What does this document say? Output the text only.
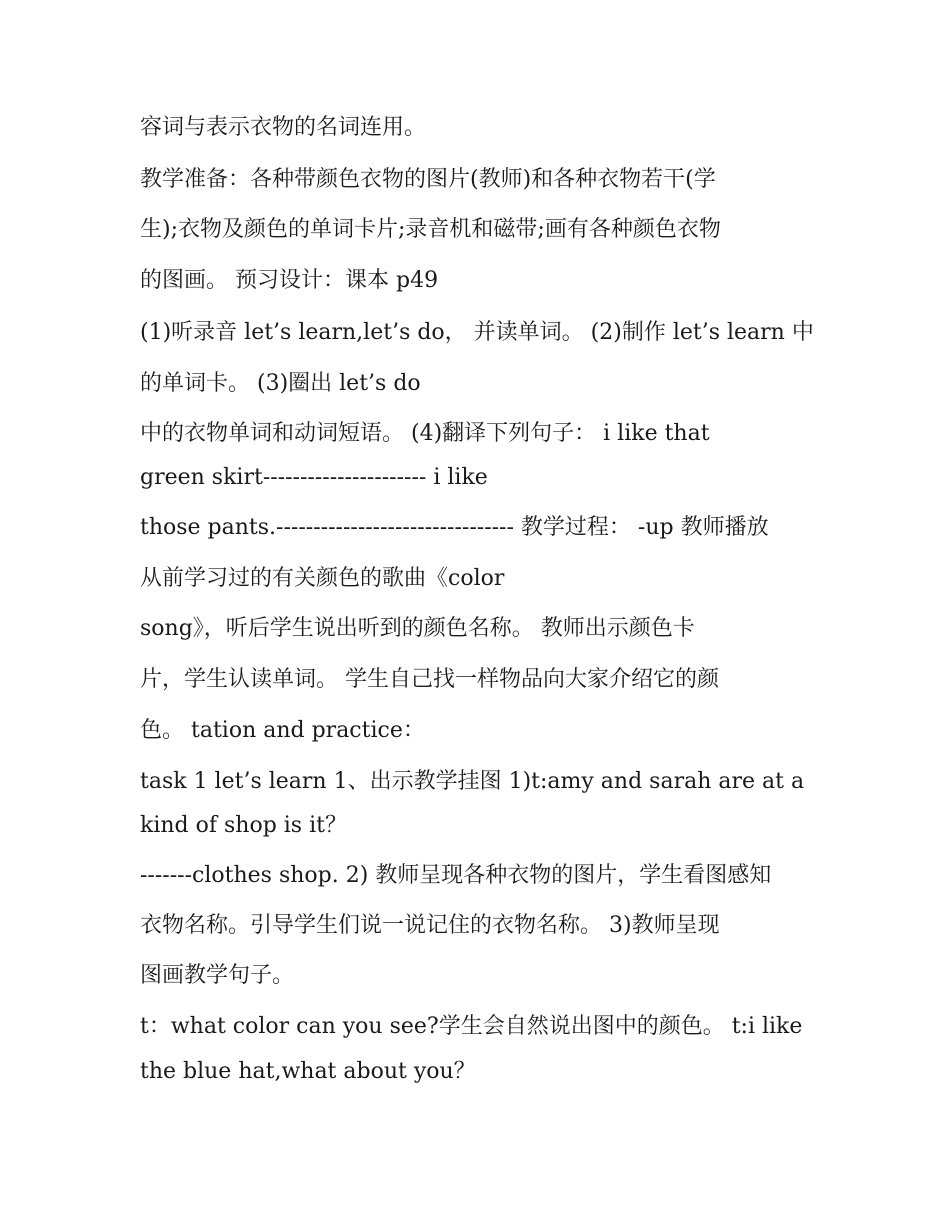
容词与表示衣物的名词连用。

教学准备：各种带颜色衣物的图片(教师)和各种衣物若干(学

生);衣物及颜色的单词卡片;录音机和磁带;画有各种颜色衣物

的图画。 预习设计：课本 p49

(1)听录音 let’s learn,let’s do， 并读单词。 (2)制作 let’s learn 中

的单词卡。 (3)圈出 let’s do

中的衣物单词和动词短语。 (4)翻译下列句子： i like that

green skirt---------------------- i like

those pants.-------------------------------- 教学过程： -up 教师播放

从前学习过的有关颜色的歌曲《color

song》，听后学生说出听到的颜色名称。 教师出示颜色卡

片，学生认读单词。 学生自己找一样物品向大家介绍它的颜

色。 tation and practice：

task 1 let’s learn 1、出示教学挂图 1)t:amy and sarah are at a

kind of shop is it？

-------clothes shop. 2) 教师呈现各种衣物的图片，学生看图感知

衣物名称。引导学生们说一说记住的衣物名称。 3)教师呈现

图画教学句子。

t：what color can you see?学生会自然说出图中的颜色。 t:i like

the blue hat,what about you？
